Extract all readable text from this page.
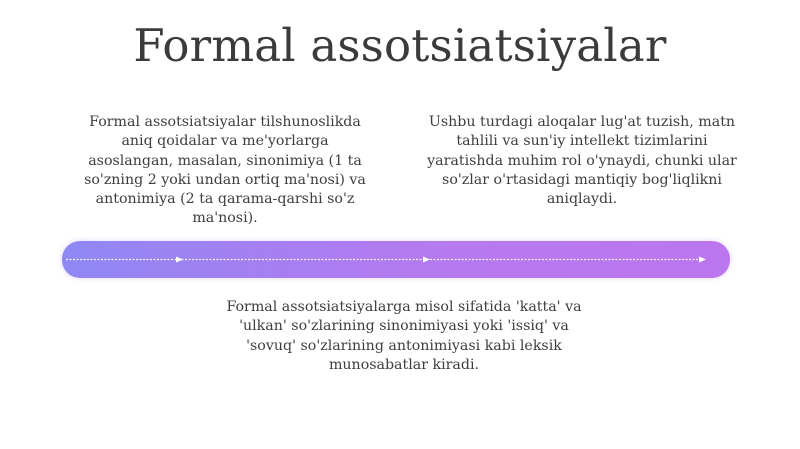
Formal assotsiatsiyalar
Formal assotsiatsiyalar tilshunoslikda
aniq qoidalar va me'yorlarga
asoslangan, masalan, sinonimiya (1 ta
so'zning 2 yoki undan ortiq ma'nosi) va
antonimiya (2 ta qarama-qarshi so'z
ma'nosi).
Ushbu turdagi aloqalar lug'at tuzish, matn
tahlili va sun'iy intellekt tizimlarini
yaratishda muhim rol o'ynaydi, chunki ular
so'zlar o'rtasidagi mantiqiy bog'liqlikni
aniqlaydi.
Formal assotsiatsiyalarga misol sifatida 'katta' va
'ulkan' so'zlarining sinonimiyasi yoki 'issiq' va
'sovuq' so'zlarining antonimiyasi kabi leksik
munosabatlar kiradi.
